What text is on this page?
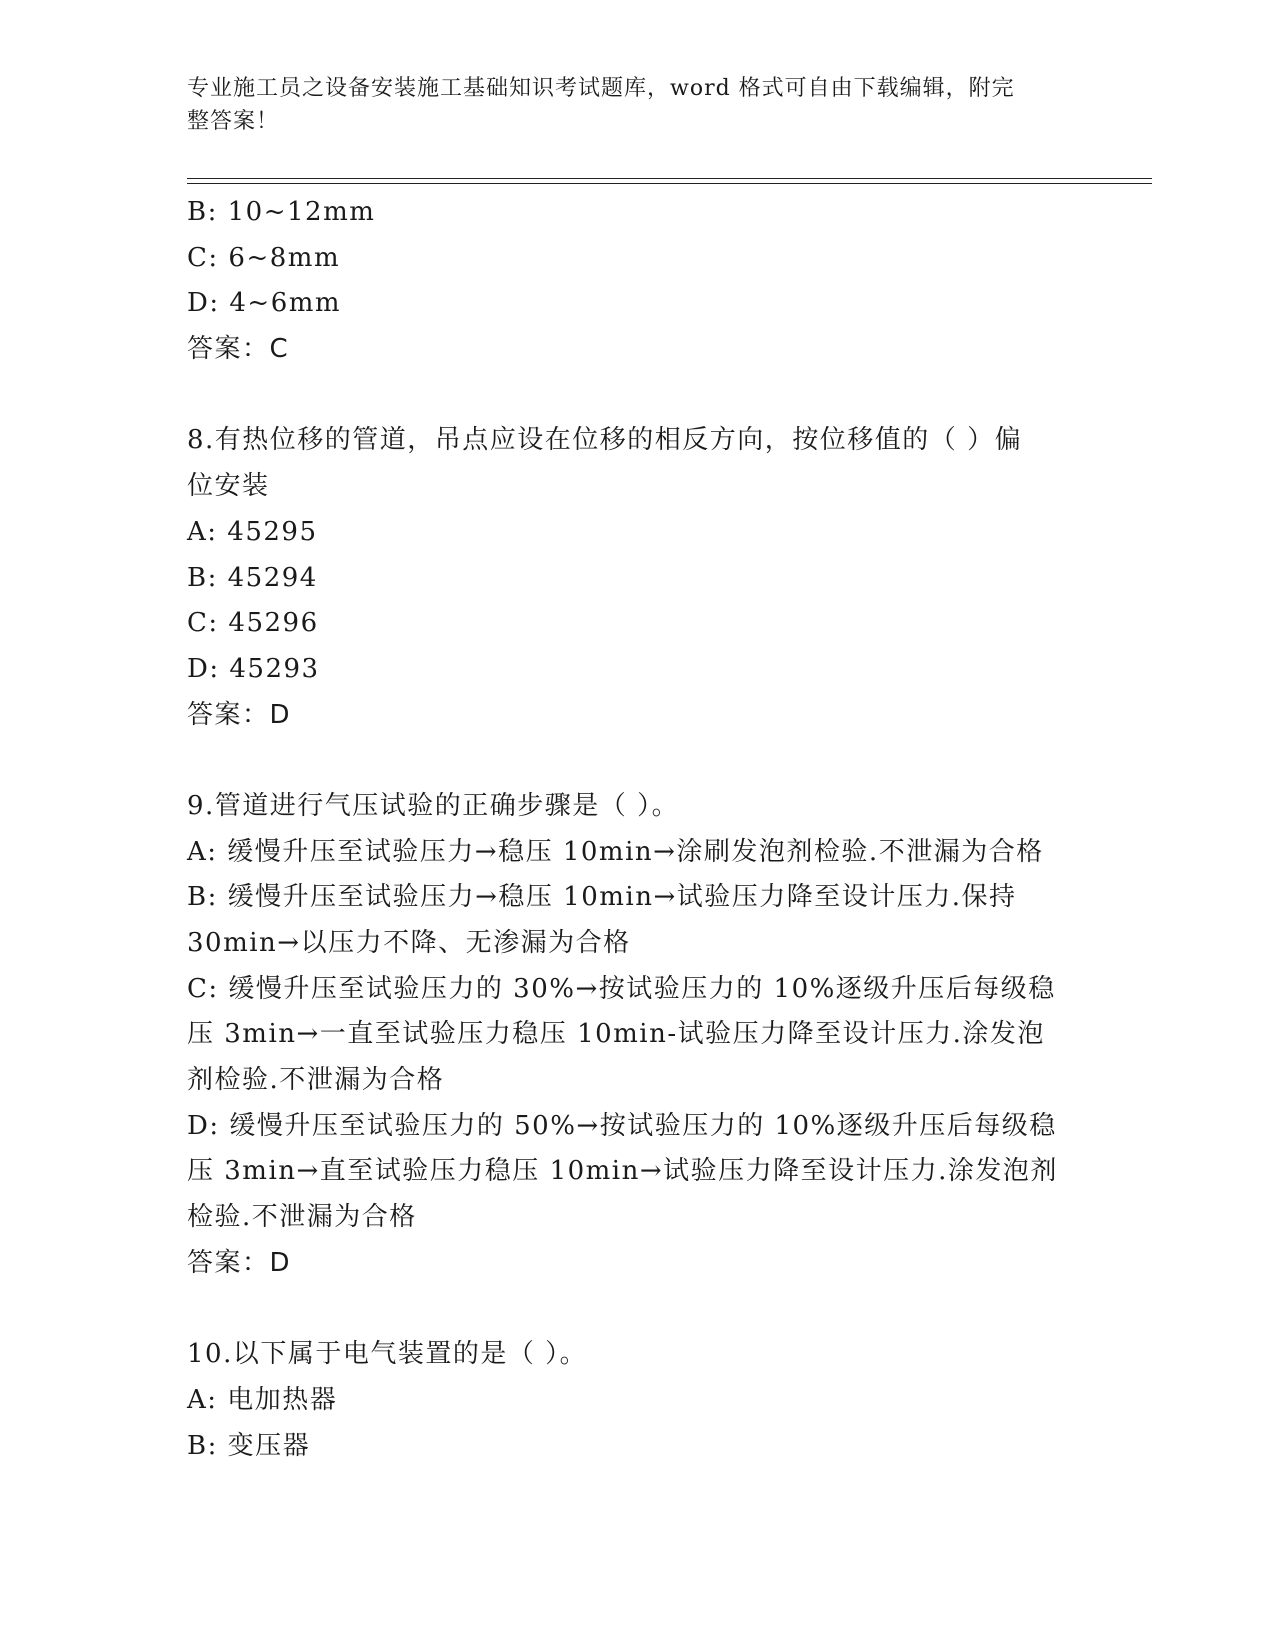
专业施工员之设备安装施工基础知识考试题库，word 格式可自由下载编辑，附完
整答案！
B: 10~12mm
C: 6~8mm
D: 4~6mm
答案：C
8.有热位移的管道，吊点应设在位移的相反方向，按位移值的（ ）偏
位安装
A: 45295
B: 45294
C: 45296
D: 45293
答案：D
9.管道进行气压试验的正确步骤是（ ）。
A: 缓慢升压至试验压力→稳压 10min→涂刷发泡剂检验.不泄漏为合格
B: 缓慢升压至试验压力→稳压 10min→试验压力降至设计压力.保持
30min→以压力不降、无渗漏为合格
C: 缓慢升压至试验压力的 30%→按试验压力的 10%逐级升压后每级稳
压 3min→一直至试验压力稳压 10min-试验压力降至设计压力.涂发泡
剂检验.不泄漏为合格
D: 缓慢升压至试验压力的 50%→按试验压力的 10%逐级升压后每级稳
压 3min→直至试验压力稳压 10min→试验压力降至设计压力.涂发泡剂
检验.不泄漏为合格
答案：D
10.以下属于电气装置的是（ ）。
A: 电加热器
B: 变压器
